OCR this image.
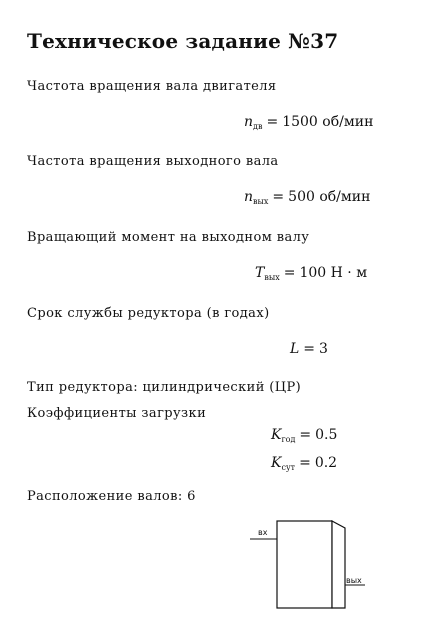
Техническое задание №37
Частота вращения вала двигателя
$n_{дв} = 1500$ об/мин
Частота вращения выходного вала
$n_{вых} = 500$ об/мин
Вращающий момент на выходном валу
$T_{вых} = 100$ Н · м
Срок службы редуктора (в годах)
L = 3
Тип редуктора: цилиндрический (ЦР)
Коэффициенты загрузки
$K_{год} = 0.5$
$K_{сут} = 0.2$
Расположение валов: 6
вх
вых
